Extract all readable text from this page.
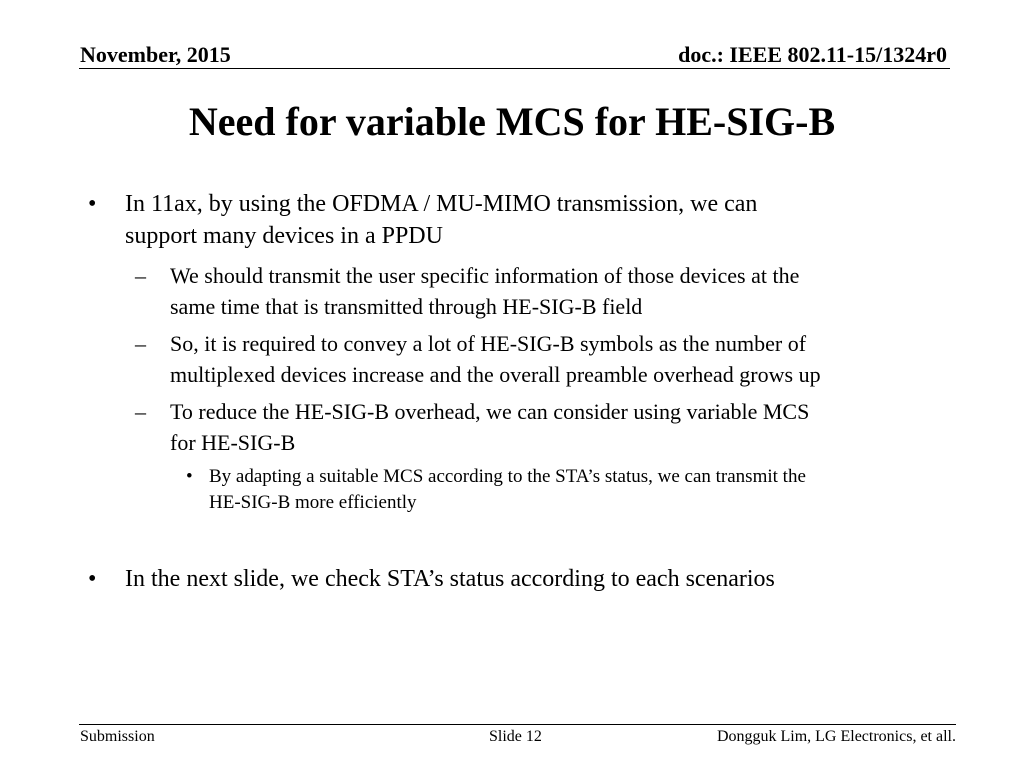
November, 2015	doc.: IEEE 802.11-15/1324r0
Need for variable MCS for HE-SIG-B
• In 11ax, by using the OFDMA / MU-MIMO transmission, we can
support many devices in a PPDU
– We should transmit the user specific information of those devices at the
same time that is transmitted through HE-SIG-B field
– So, it is required to convey a lot of HE-SIG-B symbols as the number of
multiplexed devices increase and the overall preamble overhead grows up
– To reduce the HE-SIG-B overhead, we can consider using variable MCS
for HE-SIG-B
• By adapting a suitable MCS according to the STA’s status, we can transmit the
HE-SIG-B more efficiently
• In the next slide, we check STA’s status according to each scenarios
Submission	Slide 12	Dongguk Lim, LG Electronics, et all.
